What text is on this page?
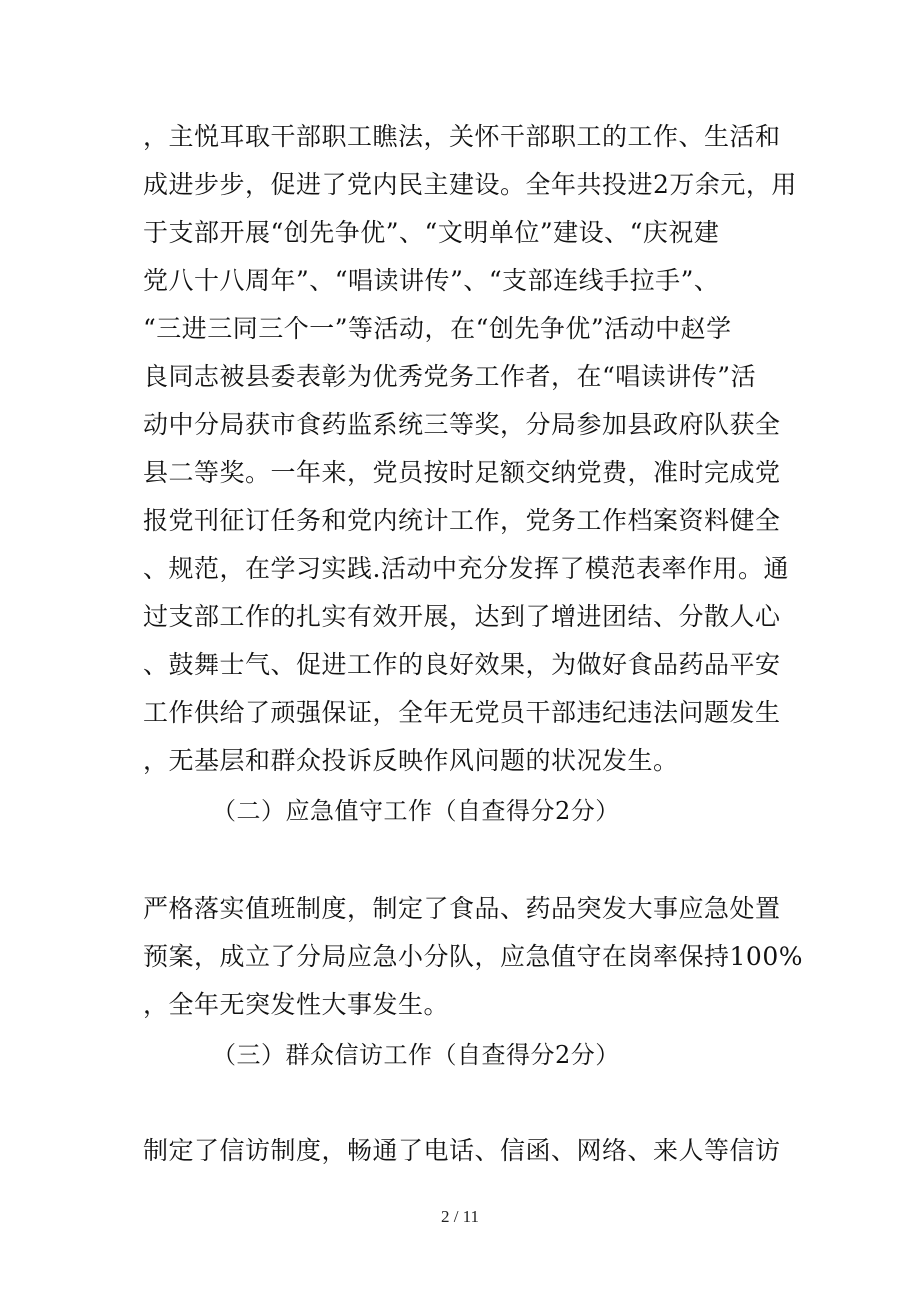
，主悦耳取干部职工瞧法，关怀干部职工的工作、生活和
成进步步，促进了党内民主建设。全年共投进2万余元，用
于支部开展“创先争优”、“文明单位”建设、“庆祝建
党八十八周年”、“唱读讲传”、“支部连线手拉手”、
“三进三同三个一”等活动，在“创先争优”活动中赵学
良同志被县委表彰为优秀党务工作者，在“唱读讲传”活
动中分局获市食药监系统三等奖，分局参加县政府队获全
县二等奖。一年来，党员按时足额交纳党费，准时完成党
报党刊征订任务和党内统计工作，党务工作档案资料健全
、规范，在学习实践.活动中充分发挥了模范表率作用。通
过支部工作的扎实有效开展，达到了增进团结、分散人心
、鼓舞士气、促进工作的良好效果，为做好食品药品平安
工作供给了顽强保证，全年无党员干部违纪违法问题发生
，无基层和群众投诉反映作风问题的状况发生。
（二）应急值守工作（自查得分2分）
严格落实值班制度，制定了食品、药品突发大事应急处置
预案，成立了分局应急小分队，应急值守在岗率保持100%
，全年无突发性大事发生。
（三）群众信访工作（自查得分2分）
制定了信访制度，畅通了电话、信函、网络、来人等信访
2 / 11
